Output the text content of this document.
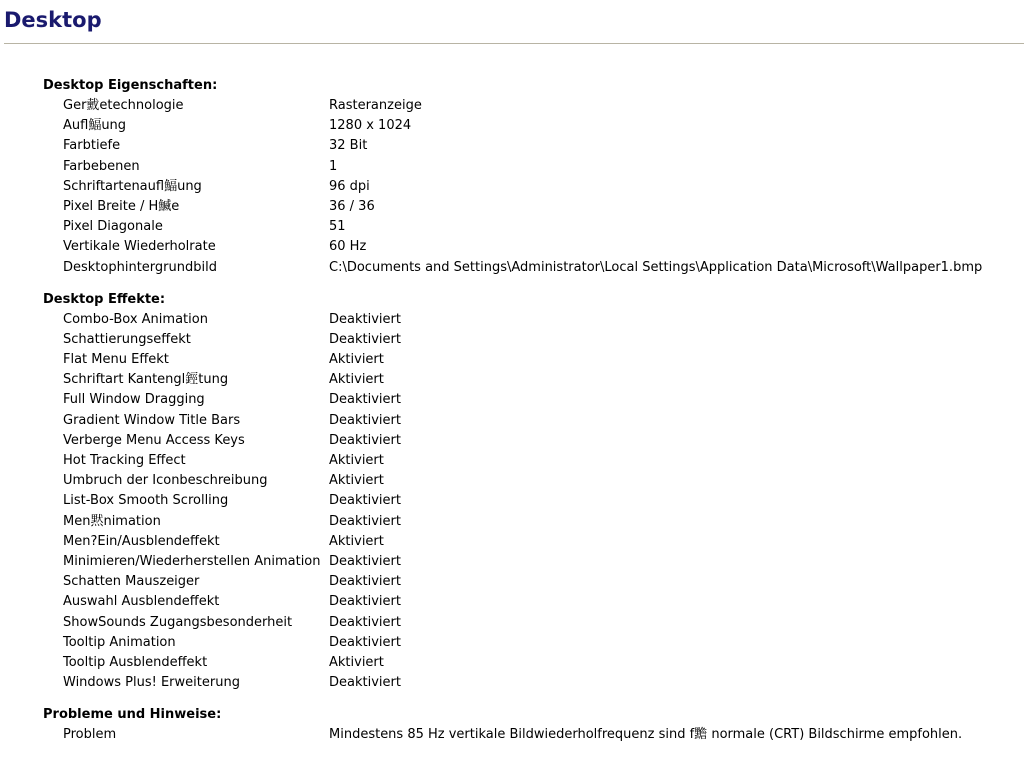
Desktop
Desktop Eigenschaften:
Ger䵧etechnologie	Rasteranzeige
Aufl鰏ung	1280 x 1024
Farbtiefe	32 Bit
Farbebenen	1
Schriftartenaufl鰏ung	96 dpi
Pixel Breite / H鰄e	36 / 36
Pixel Diagonale	51
Vertikale Wiederholrate	60 Hz
Desktophintergrundbild	C:\Documents and Settings\Administrator\Local Settings\Application Data\Microsoft\Wallpaper1.bmp
Desktop Effekte:
Combo-Box Animation	Deaktiviert
Schattierungseffekt	Deaktiviert
Flat Menu Effekt	Aktiviert
Schriftart Kantengl鋞tung	Aktiviert
Full Window Dragging	Deaktiviert
Gradient Window Title Bars	Deaktiviert
Verberge Menu Access Keys	Deaktiviert
Hot Tracking Effect	Aktiviert
Umbruch der Iconbeschreibung	Aktiviert
List-Box Smooth Scrolling	Deaktiviert
Men黙nimation	Deaktiviert
Men?Ein/Ausblendeffekt	Aktiviert
Minimieren/Wiederherstellen Animation Deaktiviert
Schatten Mauszeiger	Deaktiviert
Auswahl Ausblendeffekt	Deaktiviert
ShowSounds Zugangsbesonderheit	Deaktiviert
Tooltip Animation	Deaktiviert
Tooltip Ausblendeffekt	Aktiviert
Windows Plus! Erweiterung	Deaktiviert
Probleme und Hinweise:
Problem	Mindestens 85 Hz vertikale Bildwiederholfrequenz sind f黵 normale (CRT) Bildschirme empfohlen.
